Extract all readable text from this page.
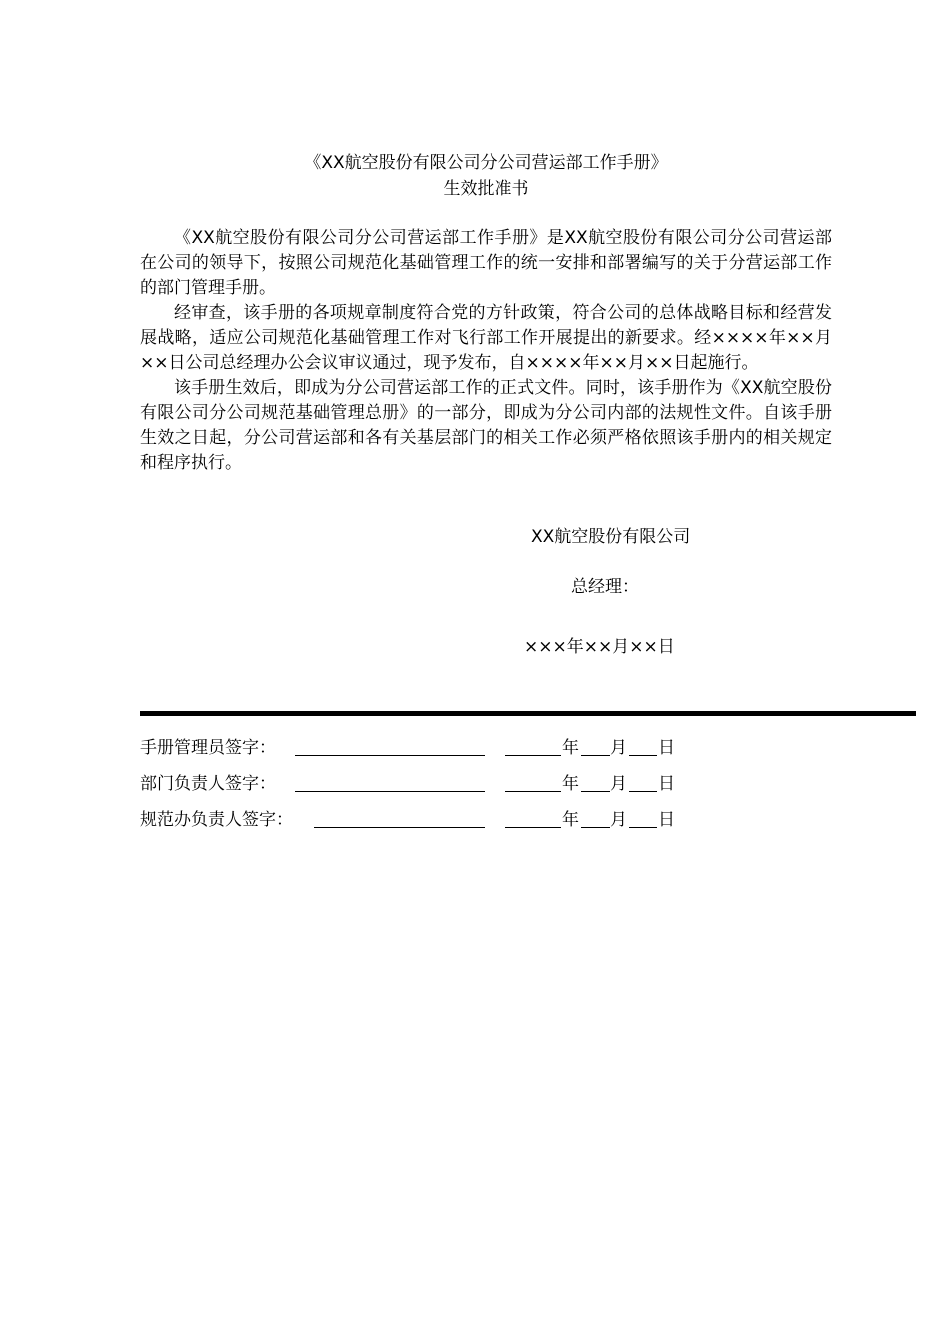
《XX航空股份有限公司分公司营运部工作手册》
生效批准书

《XX航空股份有限公司分公司营运部工作手册》是XX航空股份有限公司分公司营运部在公司的领导下，按照公司规范化基础管理工作的统一安排和部署编写的关于分营运部工作的部门管理手册。

经审查，该手册的各项规章制度符合党的方针政策，符合公司的总体战略目标和经营发展战略，适应公司规范化基础管理工作对飞行部工作开展提出的新要求。经××××年××月××日公司总经理办公会议审议通过，现予发布，自××××年××月××日起施行。

该手册生效后，即成为分公司营运部工作的正式文件。同时，该手册作为《XX航空股份有限公司分公司规范基础管理总册》的一部分，即成为分公司内部的法规性文件。自该手册生效之日起，分公司营运部和各有关基层部门的相关工作必须严格依照该手册内的相关规定和程序执行。

XX航空股份有限公司
总经理：
×××年××月××日
手册管理员签字：	年 月 日
部门负责人签字：	年 月 日
规范办负责人签字：	年 月 日
